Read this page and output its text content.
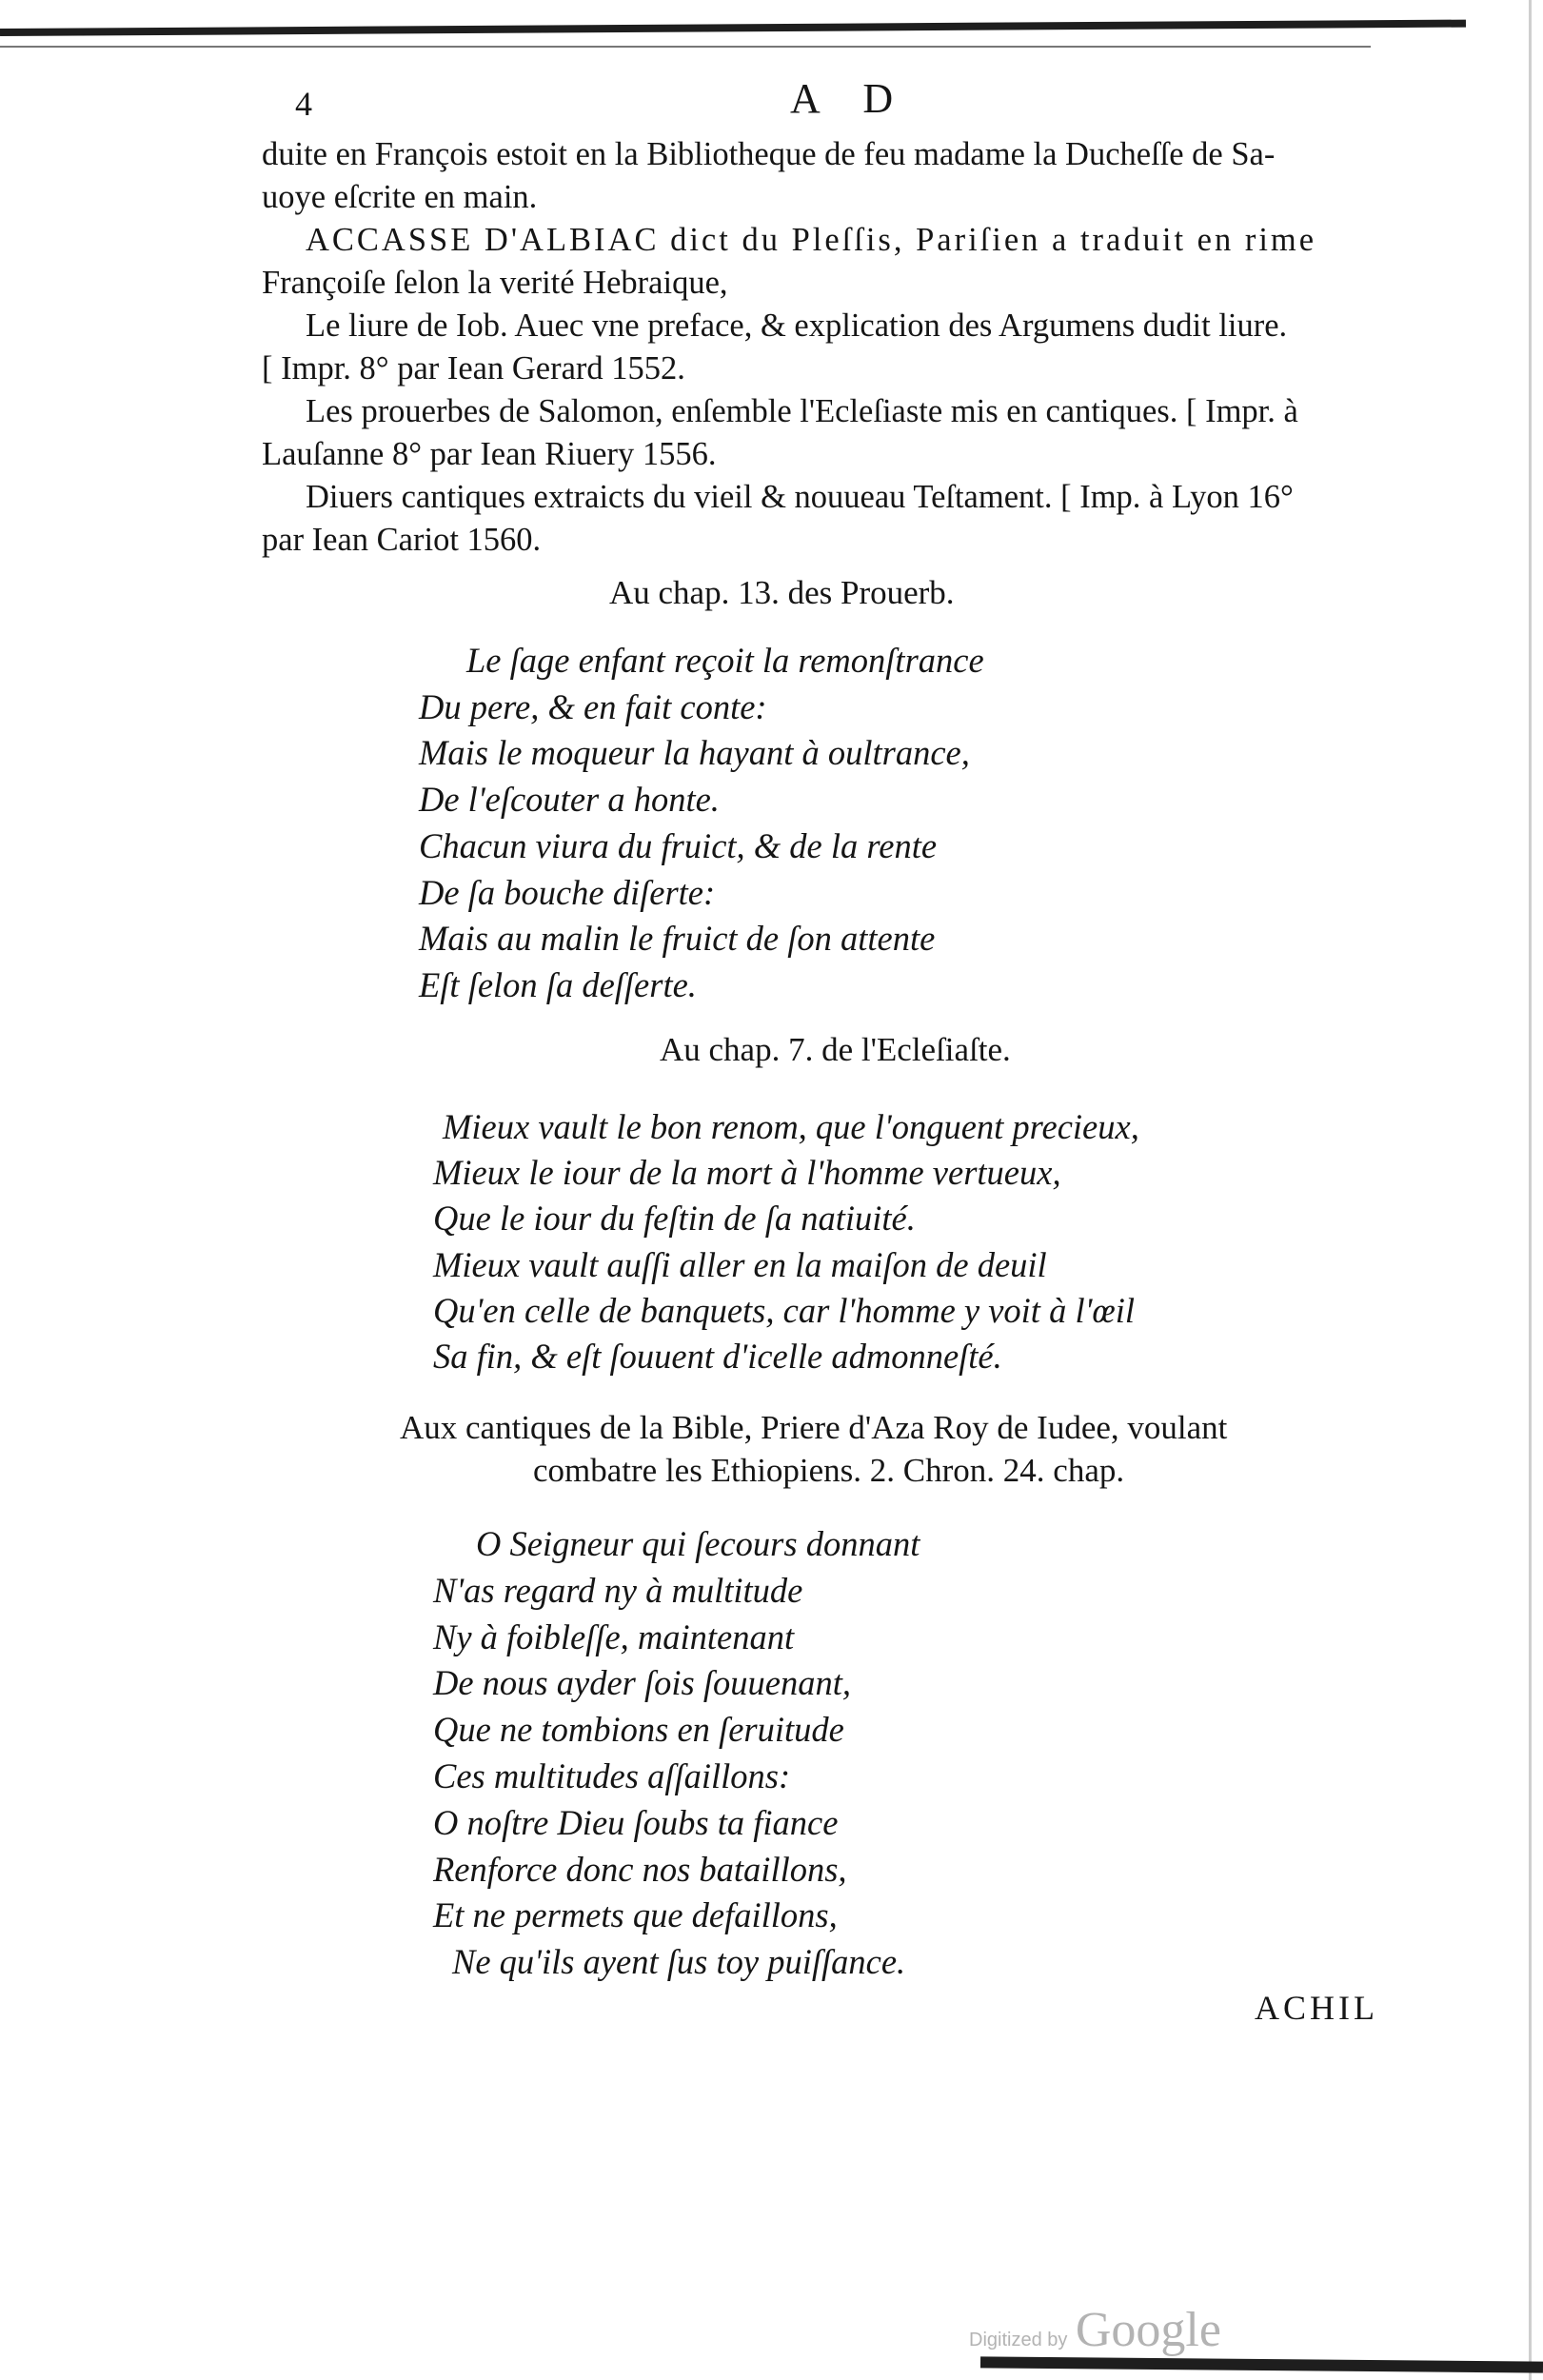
4	A D
duite en François estoit en la Bibliotheque de feu madame la Ducheſſe de Sa-
uoye eſcrite en main.
ACCASSE D'ALBIAC dict du Pleſſis, Pariſien a traduit en rime
Françoiſe ſelon la verité Hebraique,
Le liure de Iob. Auec vne preface, & explication des Argumens dudit liure.
[ Impr. 8° par Iean Gerard 1552.
Les prouerbes de Salomon, enſemble l'Ecleſiaste mis en cantiques. [ Impr. à
Lauſanne 8° par Iean Riuery 1556.
Diuers cantiques extraicts du vieil & nouueau Teſtament. [ Imp. à Lyon 16°
par Iean Cariot 1560.
Au chap. 13. des Prouerb.
Le ſage enfant reçoit la remonſtrance
Du pere, & en fait conte:
Mais le moqueur la hayant à oultrance,
De l'eſcouter a honte.
Chacun viura du fruict, & de la rente
De ſa bouche diſerte:
Mais au malin le fruict de ſon attente
Eſt ſelon ſa deſſerte.
Au chap. 7. de l'Ecleſiaſte.
Mieux vault le bon renom, que l'onguent precieux,
Mieux le iour de la mort à l'homme vertueux,
Que le iour du feſtin de ſa natiuité.
Mieux vault auſſi aller en la maiſon de deuil
Qu'en celle de banquets, car l'homme y voit à l'œil
Sa fin, & eſt ſouuent d'icelle admonneſté.
Aux cantiques de la Bible, Priere d'Aza Roy de Iudee, voulant
combatre les Ethiopiens. 2. Chron. 24. chap.
O Seigneur qui ſecours donnant
N'as regard ny à multitude
Ny à foibleſſe, maintenant
De nous ayder ſois ſouuenant,
Que ne tombions en ſeruitude
Ces multitudes aſſaillons:
O noſtre Dieu ſoubs ta fiance
Renforce donc nos bataillons,
Et ne permets que defaillons,
Ne qu'ils ayent ſus toy puiſſance.
ACHIL
Digitized by Google
